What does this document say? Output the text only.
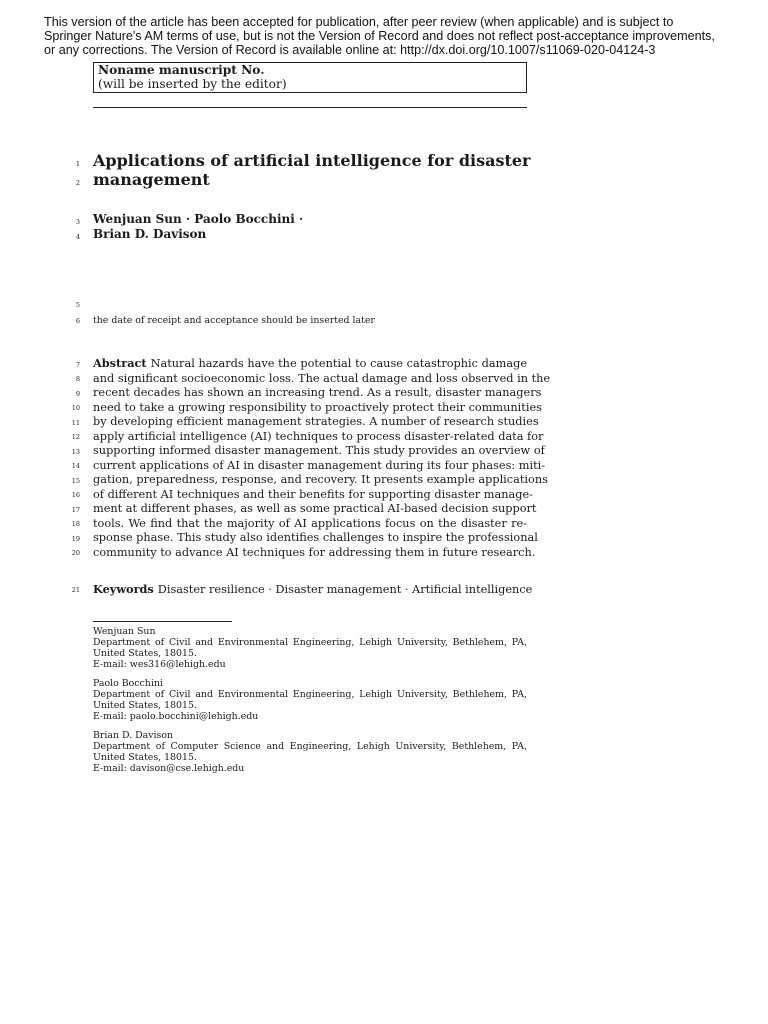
This version of the article has been accepted for publication, after peer review (when applicable) and is subject to
Springer Nature's AM terms of use, but is not the Version of Record and does not reflect post-acceptance improvements,
or any corrections. The Version of Record is available online at: http://dx.doi.org/10.1007/s11069-020-04124-3
Noname manuscript No.
(will be inserted by the editor)
1
2
3
4
5
6
7
8
9
10
11
12
13
14
15
16
17
18
19
20
21
Applications of artificial intelligence for disaster
management
Wenjuan Sun · Paolo Bocchini ·
Brian D. Davison
the date of receipt and acceptance should be inserted later
Abstract Natural hazards have the potential to cause catastrophic damage
and significant socioeconomic loss. The actual damage and loss observed in the
recent decades has shown an increasing trend. As a result, disaster managers
need to take a growing responsibility to proactively protect their communities
by developing efficient management strategies. A number of research studies
apply artificial intelligence (AI) techniques to process disaster-related data for
supporting informed disaster management. This study provides an overview of
current applications of AI in disaster management during its four phases: miti-
gation, preparedness, response, and recovery. It presents example applications
of different AI techniques and their benefits for supporting disaster manage-
ment at different phases, as well as some practical AI-based decision support
tools. We find that the majority of AI applications focus on the disaster re-
sponse phase. This study also identifies challenges to inspire the professional
community to advance AI techniques for addressing them in future research.
Keywords Disaster resilience · Disaster management · Artificial intelligence
Wenjuan Sun
Department of Civil and Environmental Engineering, Lehigh University, Bethlehem, PA,
United States, 18015.
E-mail: wes316@lehigh.edu
Paolo Bocchini
Department of Civil and Environmental Engineering, Lehigh University, Bethlehem, PA,
United States, 18015.
E-mail: paolo.bocchini@lehigh.edu
Brian D. Davison
Department of Computer Science and Engineering, Lehigh University, Bethlehem, PA,
United States, 18015.
E-mail: davison@cse.lehigh.edu
